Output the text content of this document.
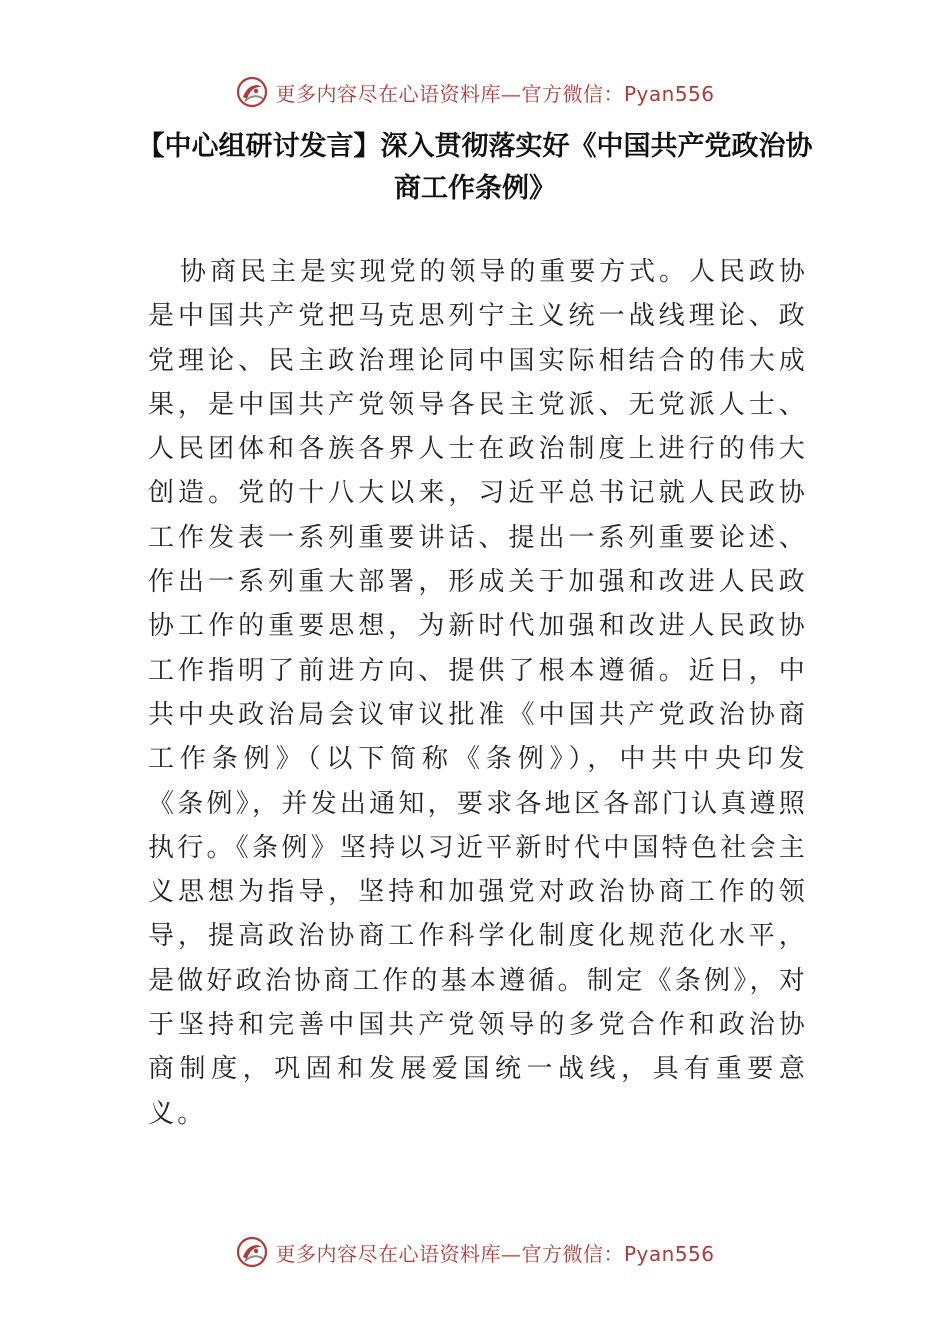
更多内容尽在心语资料库—官方微信：Pyan556
【中心组研讨发言】深入贯彻落实好《中国共产党政治协商工作条例》

协商民主是实现党的领导的重要方式。人民政协是中国共产党把马克思列宁主义统一战线理论、政党理论、民主政治理论同中国实际相结合的伟大成果，是中国共产党领导各民主党派、无党派人士、人民团体和各族各界人士在政治制度上进行的伟大创造。党的十八大以来，习近平总书记就人民政协工作发表一系列重要讲话、提出一系列重要论述、作出一系列重大部署，形成关于加强和改进人民政协工作的重要思想，为新时代加强和改进人民政协工作指明了前进方向、提供了根本遵循。近日，中共中央政治局会议审议批准《中国共产党政治协商工作条例》（以下简称《条例》），中共中央印发《条例》，并发出通知，要求各地区各部门认真遵照执行。《条例》坚持以习近平新时代中国特色社会主义思想为指导，坚持和加强党对政治协商工作的领导，提高政治协商工作科学化制度化规范化水平，是做好政治协商工作的基本遵循。制定《条例》，对于坚持和完善中国共产党领导的多党合作和政治协商制度，巩固和发展爱国统一战线，具有重要意义。

更多内容尽在心语资料库—官方微信：Pyan556
